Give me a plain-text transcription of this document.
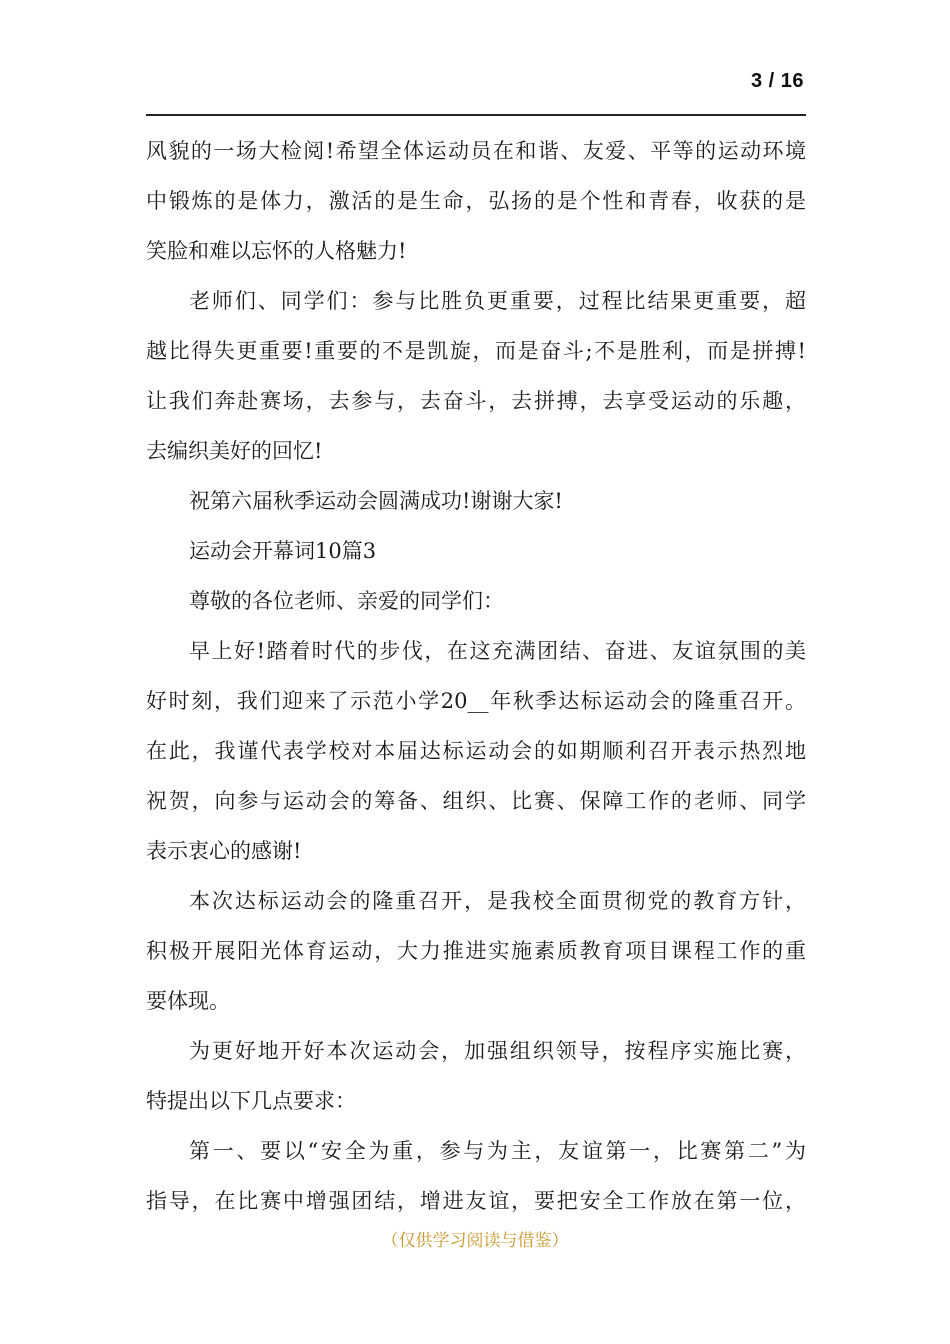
3 / 16
风貌的一场大检阅!希望全体运动员在和谐、友爱、平等的运动环境
中锻炼的是体力，激活的是生命，弘扬的是个性和青春，收获的是
笑脸和难以忘怀的人格魅力!
老师们、同学们：参与比胜负更重要，过程比结果更重要，超
越比得失更重要!重要的不是凯旋，而是奋斗;不是胜利，而是拼搏!
让我们奔赴赛场，去参与，去奋斗，去拼搏，去享受运动的乐趣，
去编织美好的回忆!
祝第六届秋季运动会圆满成功!谢谢大家!
运动会开幕词10篇3
尊敬的各位老师、亲爱的同学们：
早上好!踏着时代的步伐，在这充满团结、奋进、友谊氛围的美
好时刻，我们迎来了示范小学20__年秋季达标运动会的隆重召开。
在此，我谨代表学校对本届达标运动会的如期顺利召开表示热烈地
祝贺，向参与运动会的筹备、组织、比赛、保障工作的老师、同学
表示衷心的感谢!
本次达标运动会的隆重召开，是我校全面贯彻党的教育方针，
积极开展阳光体育运动，大力推进实施素质教育项目课程工作的重
要体现。
为更好地开好本次运动会，加强组织领导，按程序实施比赛，
特提出以下几点要求：
第一、要以“安全为重，参与为主，友谊第一，比赛第二”为
指导，在比赛中增强团结，增进友谊，要把安全工作放在第一位，
（仅供学习阅读与借鉴）
